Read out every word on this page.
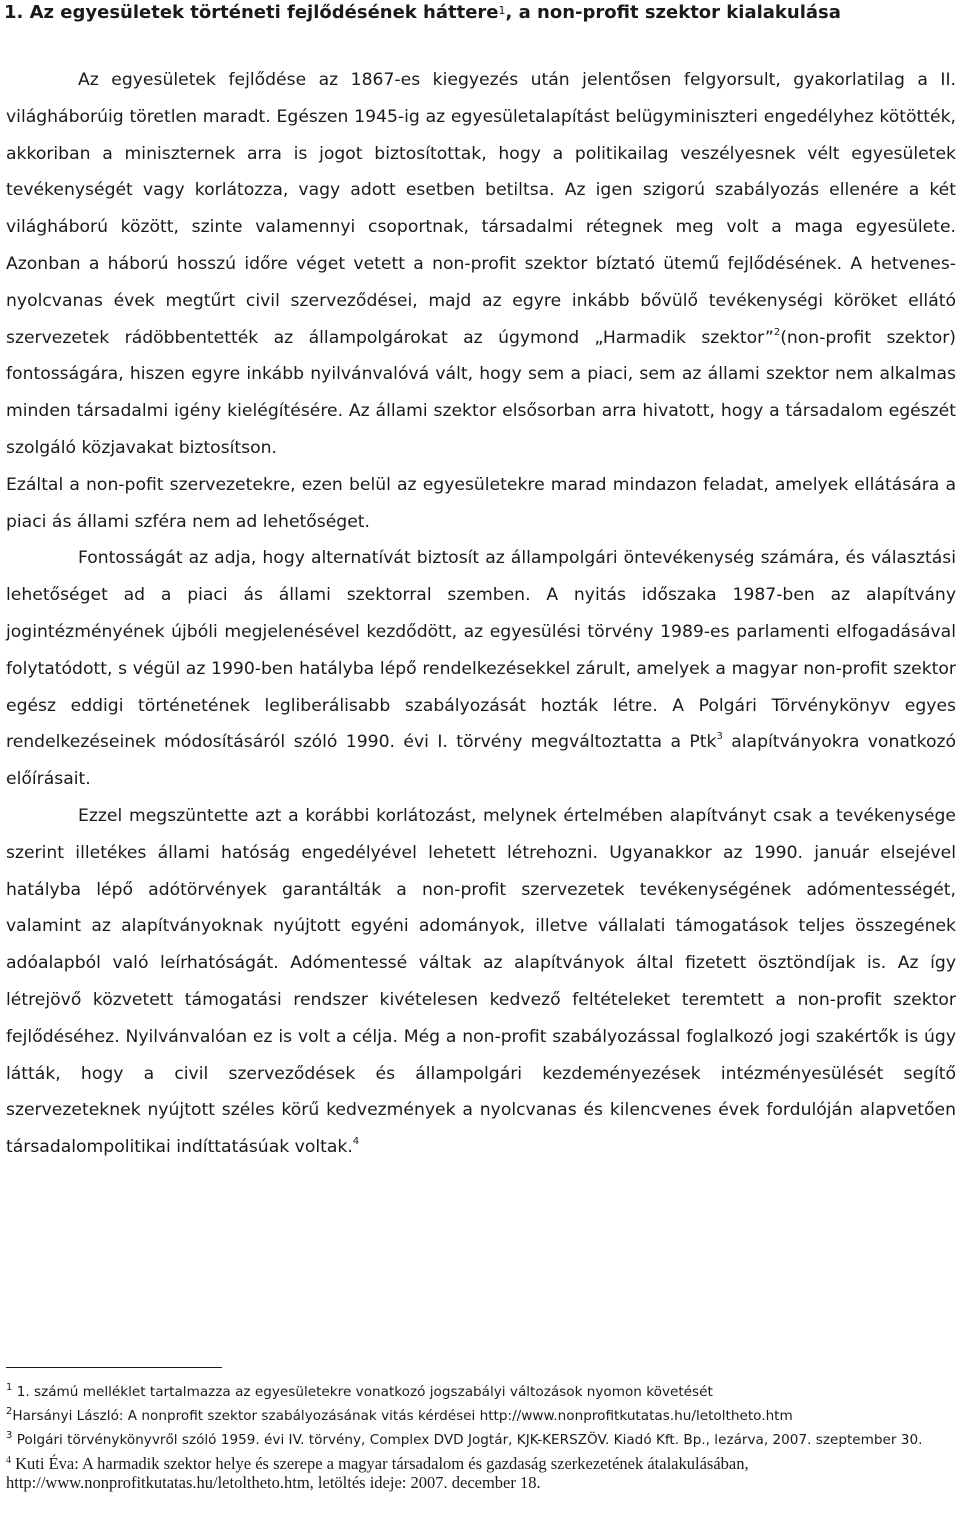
1. Az egyesületek történeti fejlődésének háttere$^1$, a non-profit szektor kialakulása

Az egyesületek fejlődése az 1867-es kiegyezés után jelentősen felgyorsult, gyakorlatilag a II. világháborúig töretlen maradt. Egészen 1945-ig az egyesületalapítást belügyminiszteri engedélyhez kötötték, akkoriban a miniszternek arra is jogot biztosítottak, hogy a politikailag veszélyesnek vélt egyesületek tevékenységét vagy korlátozza, vagy adott esetben betiltsa. Az igen szigorú szabályozás ellenére a két világháború között, szinte valamennyi csoportnak, társadalmi rétegnek meg volt a maga egyesülete. Azonban a háború hosszú időre véget vetett a non-profit szektor bíztató ütemű fejlődésének. A hetvenes-nyolcvanas évek megtűrt civil szerveződései, majd az egyre inkább bővülő tevékenységi köröket ellátó szervezetek rádöbbentették az állampolgárokat az úgymond „Harmadik szektor”$^2$(non-profit szektor) fontosságára, hiszen egyre inkább nyilvánvalóvá vált, hogy sem a piaci, sem az állami szektor nem alkalmas minden társadalmi igény kielégítésére. Az állami szektor elsősorban arra hivatott, hogy a társadalom egészét szolgáló közjavakat biztosítson.

Ezáltal a non-pofit szervezetekre, ezen belül az egyesületekre marad mindazon feladat, amelyek ellátására a piaci ás állami szféra nem ad lehetőséget.

Fontosságát az adja, hogy alternatívát biztosít az állampolgári öntevékenység számára, és választási lehetőséget ad a piaci ás állami szektorral szemben. A nyitás időszaka 1987-ben az alapítvány jogintézményének újbóli megjelenésével kezdődött, az egyesülési törvény 1989-es parlamenti elfogadásával folytatódott, s végül az 1990-ben hatályba lépő rendelkezésekkel zárult, amelyek a magyar non-profit szektor egész eddigi történetének legliberálisabb szabályozását hozták létre. A Polgári Törvénykönyv egyes rendelkezéseinek módosításáról szóló 1990. évi I. törvény megváltoztatta a Ptk$^3$ alapítványokra vonatkozó előírásait.

Ezzel megszüntette azt a korábbi korlátozást, melynek értelmében alapítványt csak a tevékenysége szerint illetékes állami hatóság engedélyével lehetett létrehozni. Ugyanakkor az 1990. január elsejével hatályba lépő adótörvények garantálták a non-profit szervezetek tevékenységének adómentességét, valamint az alapítványoknak nyújtott egyéni adományok, illetve vállalati támogatások teljes összegének adóalapból való leírhatóságát. Adómentessé váltak az alapítványok által fizetett ösztöndíjak is. Az így létrejövő közvetett támogatási rendszer kivételesen kedvező feltételeket teremtett a non-profit szektor fejlődéséhez. Nyilvánvalóan ez is volt a célja. Még a non-profit szabályozással foglalkozó jogi szakértők is úgy látták, hogy a civil szerveződések és állampolgári kezdeményezések intézményesülését segítő szervezeteknek nyújtott széles körű kedvezmények a nyolcvanas és kilencvenes évek fordulóján alapvetően társadalompolitikai indíttatásúak voltak.$^4$

$^1$ 1. számú melléklet tartalmazza az egyesületekre vonatkozó jogszabályi változások nyomon követését

$^2$Harsányi László: A nonprofit szektor szabályozásának vitás kérdései http://www.nonprofitkutatas.hu/letoltheto.htm

$^3$ Polgári törvénykönyvről szóló 1959. évi IV. törvény, Complex DVD Jogtár, KJK-KERSZÖV. Kiadó Kft. Bp., lezárva, 2007. szeptember 30.

$^4$ Kuti Éva: A harmadik szektor helye és szerepe a magyar társadalom és gazdaság szerkezetének átalakulásában, http://www.nonprofitkutatas.hu/letoltheto.htm, letöltés ideje: 2007. december 18.
